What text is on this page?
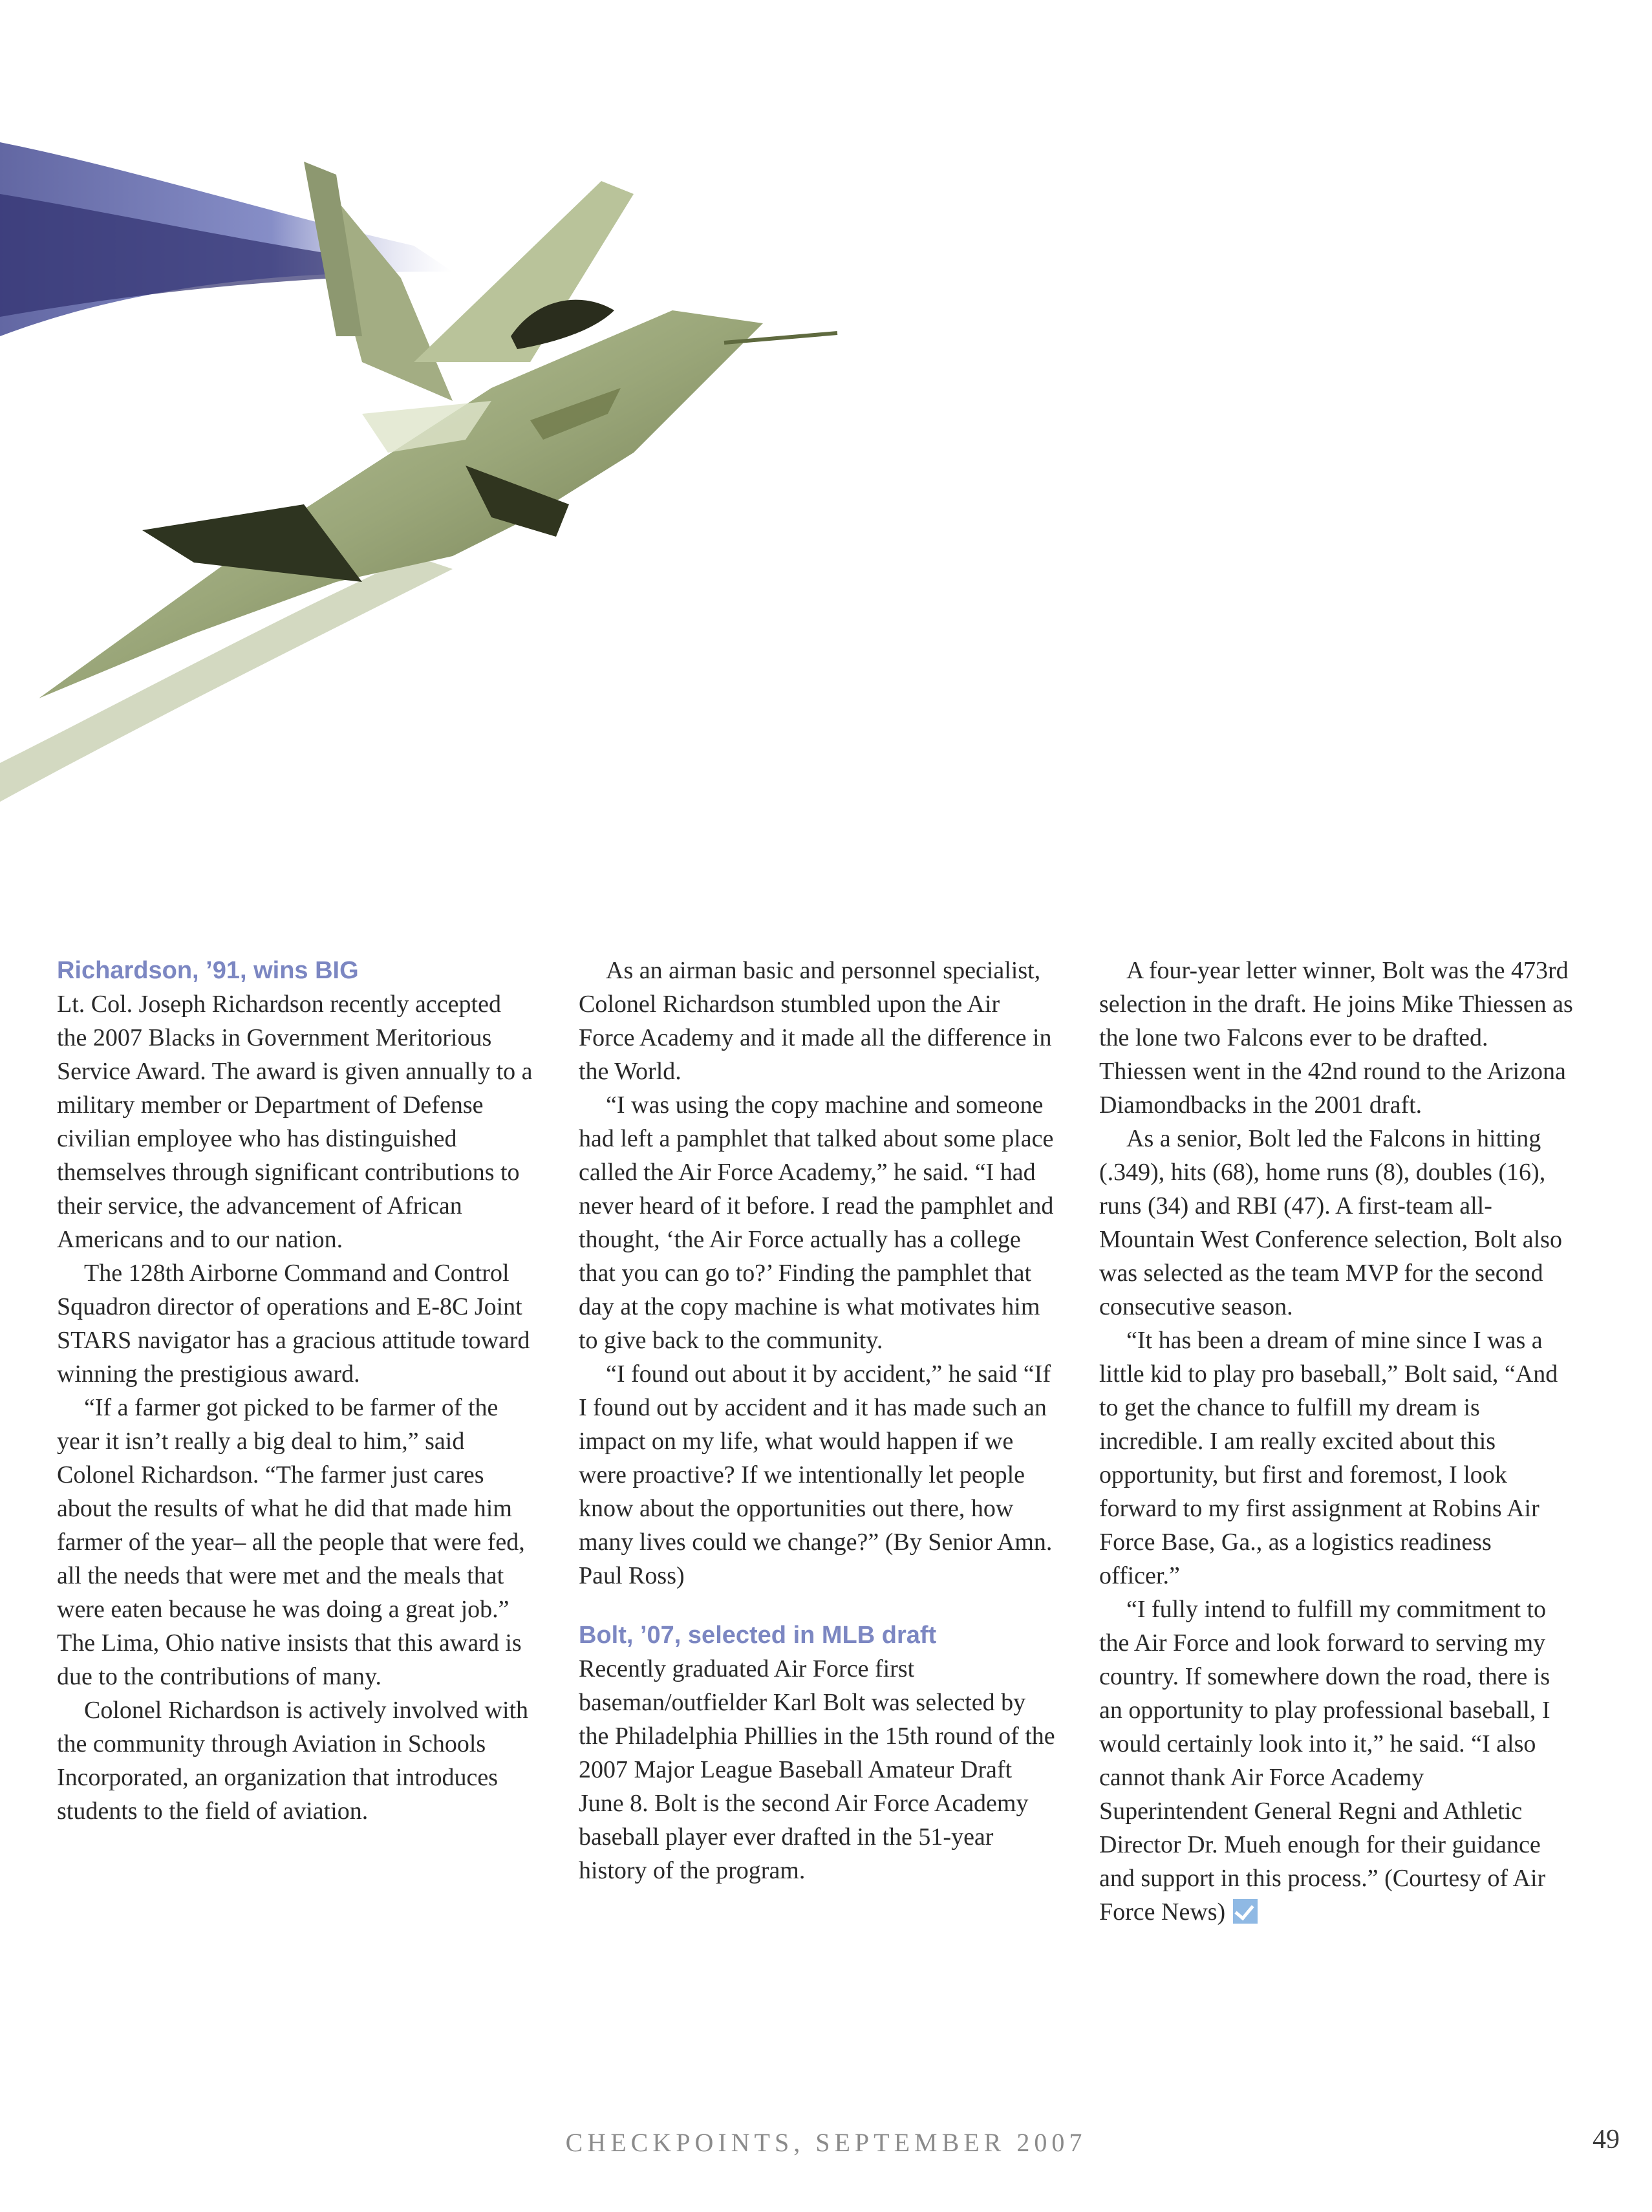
Richardson, ’91, wins BIG

Lt. Col. Joseph Richardson recently accepted the 2007 Blacks in Government Meritorious Service Award. The award is given annually to a military member or Department of Defense civilian employee who has distinguished themselves through significant contributions to their service, the advancement of African Americans and to our nation.

The 128th Airborne Command and Control Squadron director of operations and E-8C Joint STARS navigator has a gracious attitude toward winning the prestigious award.

“If a farmer got picked to be farmer of the year it isn’t really a big deal to him,” said Colonel Richardson. “The farmer just cares about the results of what he did that made him farmer of the year– all the people that were fed, all the needs that were met and the meals that were eaten because he was doing a great job.” The Lima, Ohio native insists that this award is due to the contributions of many.

Colonel Richardson is actively involved with the community through Aviation in Schools Incorporated, an organization that introduces students to the field of aviation.

As an airman basic and personnel specialist, Colonel Richardson stumbled upon the Air Force Academy and it made all the difference in the World.

“I was using the copy machine and someone had left a pamphlet that talked about some place called the Air Force Academy,” he said. “I had never heard of it before. I read the pamphlet and thought, ‘the Air Force actually has a college that you can go to?’ Finding the pamphlet that day at the copy machine is what motivates him to give back to the community.

“I found out about it by accident,” he said “If I found out by accident and it has made such an impact on my life, what would happen if we were proactive? If we intentionally let people know about the opportunities out there, how many lives could we change?” (By Senior Amn. Paul Ross)

Bolt, ’07, selected in MLB draft

Recently graduated Air Force first baseman/outfielder Karl Bolt was selected by the Philadelphia Phillies in the 15th round of the 2007 Major League Baseball Amateur Draft June 8. Bolt is the second Air Force Academy baseball player ever drafted in the 51-year history of the program.

A four-year letter winner, Bolt was the 473rd selection in the draft. He joins Mike Thiessen as the lone two Falcons ever to be drafted. Thiessen went in the 42nd round to the Arizona Diamondbacks in the 2001 draft.

As a senior, Bolt led the Falcons in hitting (.349), hits (68), home runs (8), doubles (16), runs (34) and RBI (47). A first-team all-Mountain West Conference selection, Bolt also was selected as the team MVP for the second consecutive season.

“It has been a dream of mine since I was a little kid to play pro baseball,” Bolt said, “And to get the chance to fulfill my dream is incredible. I am really excited about this opportunity, but first and foremost, I look forward to my first assignment at Robins Air Force Base, Ga., as a logistics readiness officer.”

“I fully intend to fulfill my commitment to the Air Force and look forward to serving my country. If somewhere down the road, there is an opportunity to play professional baseball, I would certainly look into it,” he said. “I also cannot thank Air Force Academy Superintendent General Regni and Athletic Director Dr. Mueh enough for their guidance and support in this process.” (Courtesy of Air Force News)

CHECKPOINTS, SEPTEMBER 2007	49
